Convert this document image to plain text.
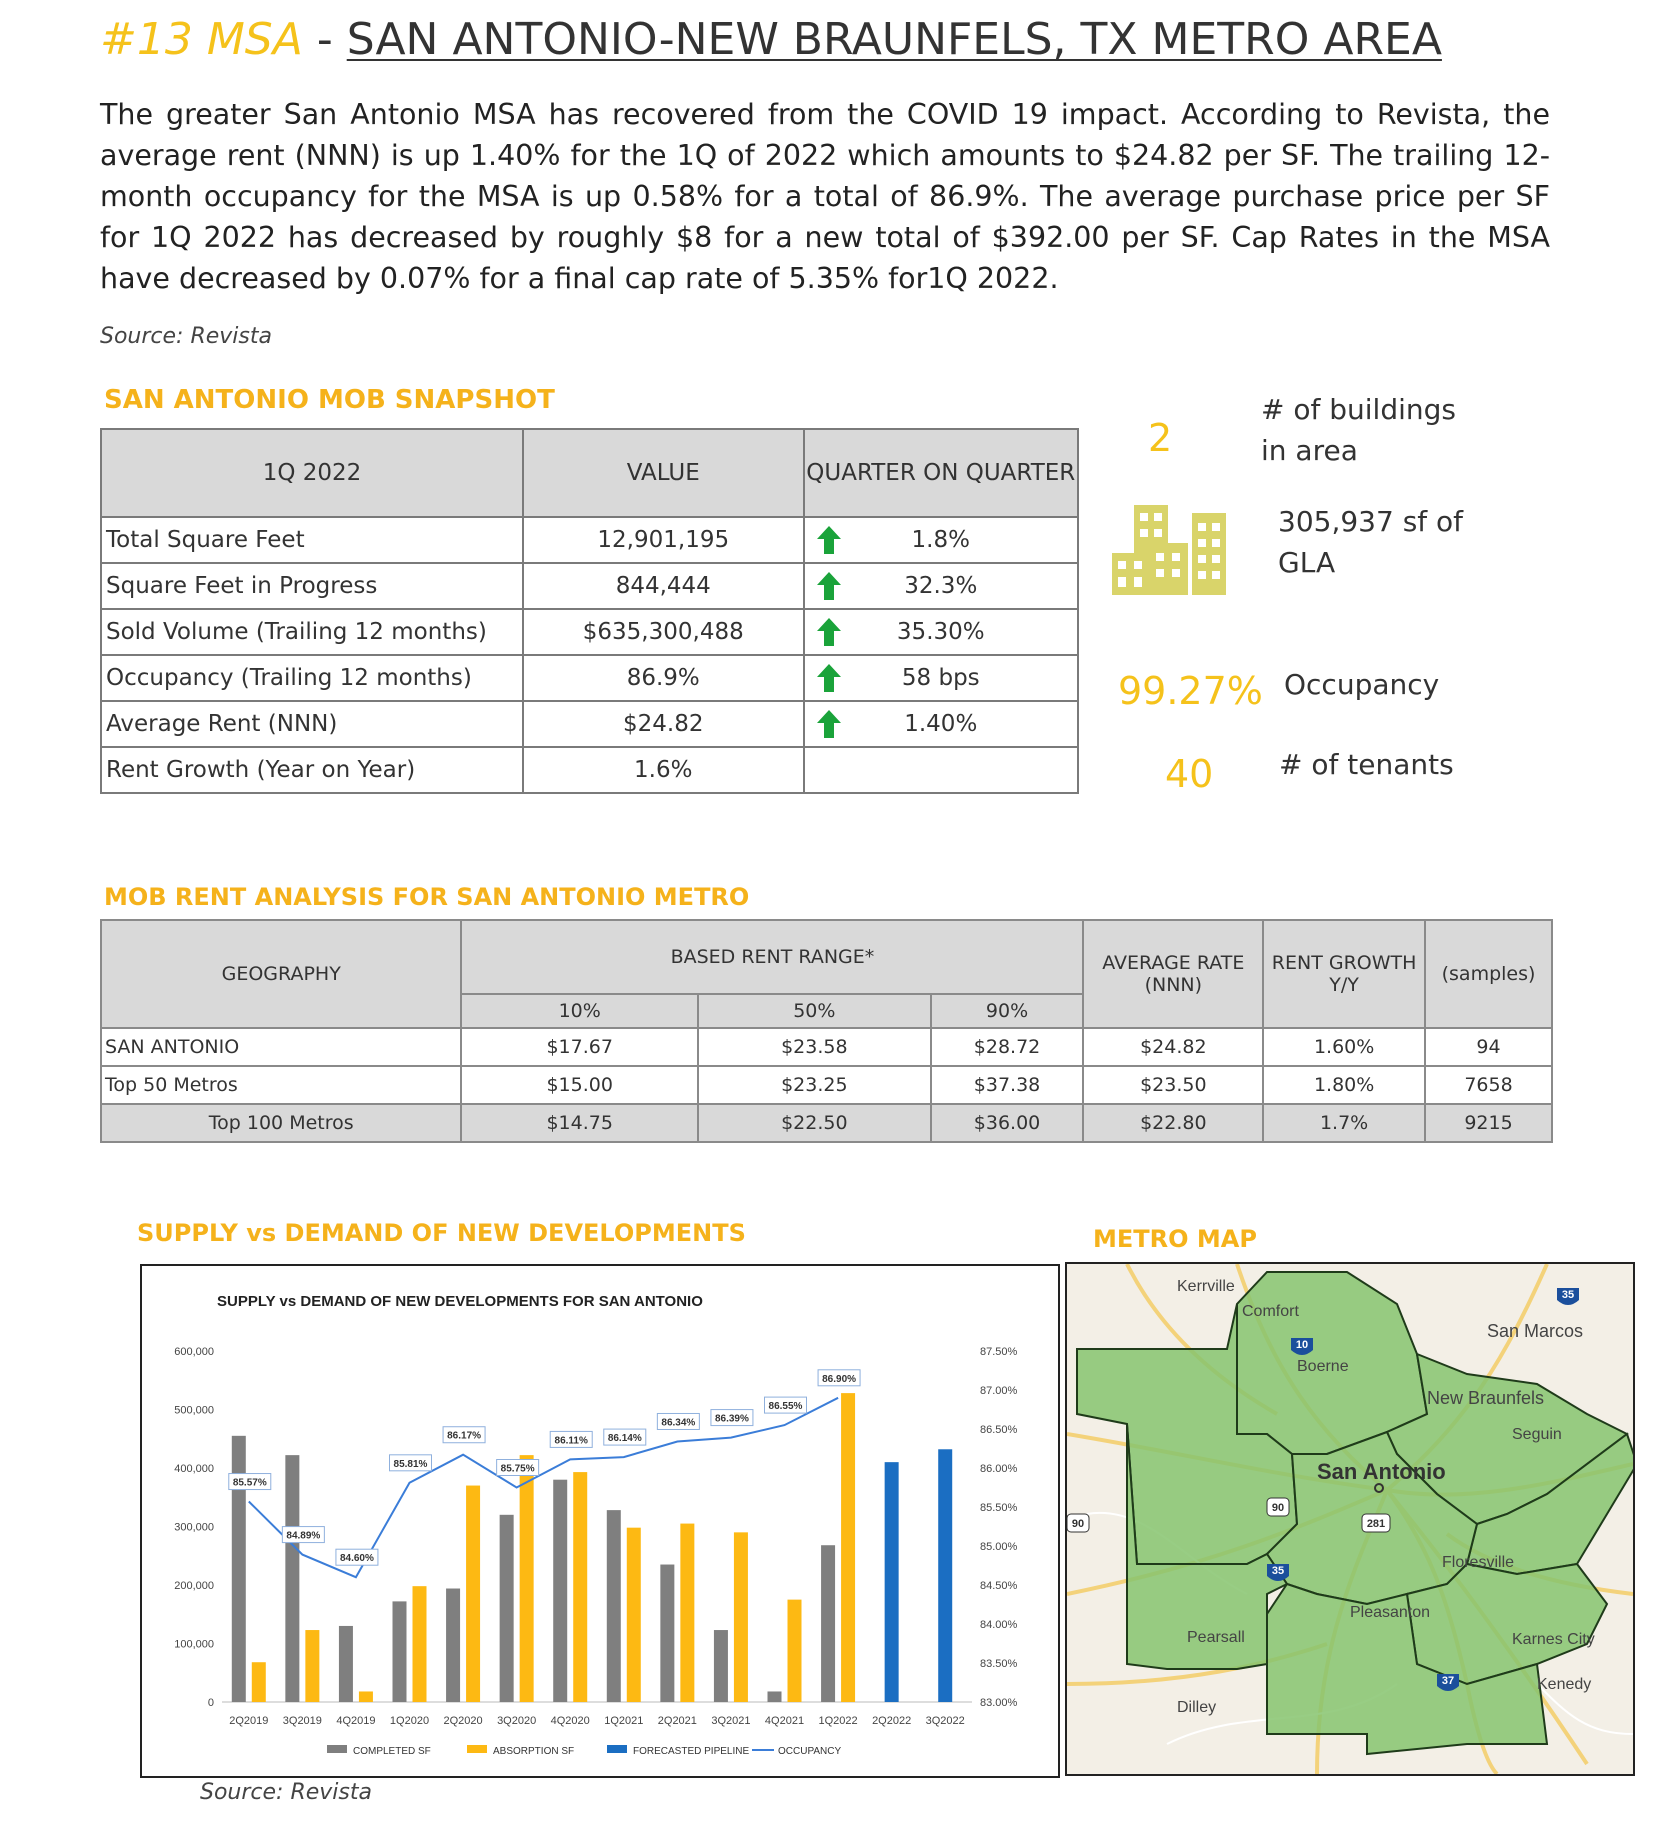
#13 MSA - SAN ANTONIO-NEW BRAUNFELS, TX METRO AREA
The greater San Antonio MSA has recovered from the COVID 19 impact. According to Revista, the average rent (NNN) is up 1.40% for the 1Q of 2022 which amounts to $24.82 per SF. The trailing 12-month occupancy for the MSA is up 0.58% for a total of 86.9%. The average purchase price per SF for 1Q 2022 has decreased by roughly $8 for a new total of $392.00 per SF. Cap Rates in the MSA have decreased by 0.07% for a final cap rate of 5.35% for1Q 2022.
Source: Revista
SAN ANTONIO MOB SNAPSHOT
1Q 2022	VALUE	QUARTER ON QUARTER
Total Square Feet	12,901,195	1.8%
Square Feet in Progress	844,444	32.3%
Sold Volume (Trailing 12 months)	$635,300,488	35.30%
Occupancy (Trailing 12 months)	86.9%	58 bps
Average Rent (NNN)	$24.82	1.40%
Rent Growth (Year on Year)	1.6%	
2
# of buildings
in area
305,937 sf of
GLA
99.27% Occupancy
40 # of tenants
MOB RENT ANALYSIS FOR SAN ANTONIO METRO
GEOGRAPHY	BASED RENT RANGE*			AVERAGE RATE (NNN)	RENT GROWTH Y/Y	(samples)
	10%	50%	90%			
SAN ANTONIO	$17.67	$23.58	$28.72	$24.82	1.60%	94
Top 50 Metros	$15.00	$23.25	$37.38	$23.50	1.80%	7658
Top 100 Metros	$14.75	$22.50	$36.00	$22.80	1.7%	9215
SUPPLY vs DEMAND OF NEW DEVELOPMENTS
SUPPLY vs DEMAND OF NEW DEVELOPMENTS FOR SAN ANTONIO
0
100,000
200,000
300,000
400,000
500,000
600,000
83.00%
83.50%
84.00%
84.50%
85.00%
85.50%
86.00%
86.50%
87.00%
87.50%
2Q2019 3Q2019 4Q2019 1Q2020 2Q2020 3Q2020 4Q2020 1Q2021 2Q2021 3Q2021 4Q2021 1Q2022 2Q2022 3Q2022
85.57%
84.89%
84.60%
85.81%
86.17%
85.75%
86.11% 86.14%
86.34% 86.39%
86.55%
86.90%
COMPLETED SF	ABSORPTION SF	FORECASTED PIPELINE	OCCUPANCY
METRO MAP
Kerrville
Comfort
Boerne
San Marcos
New Braunfels
Seguin
San Antonio
Floresville
Pleasanton
Pearsall	Karnes City
Kenedy
Dilley
10
35
90
90	281
35
37
Source: Revista
